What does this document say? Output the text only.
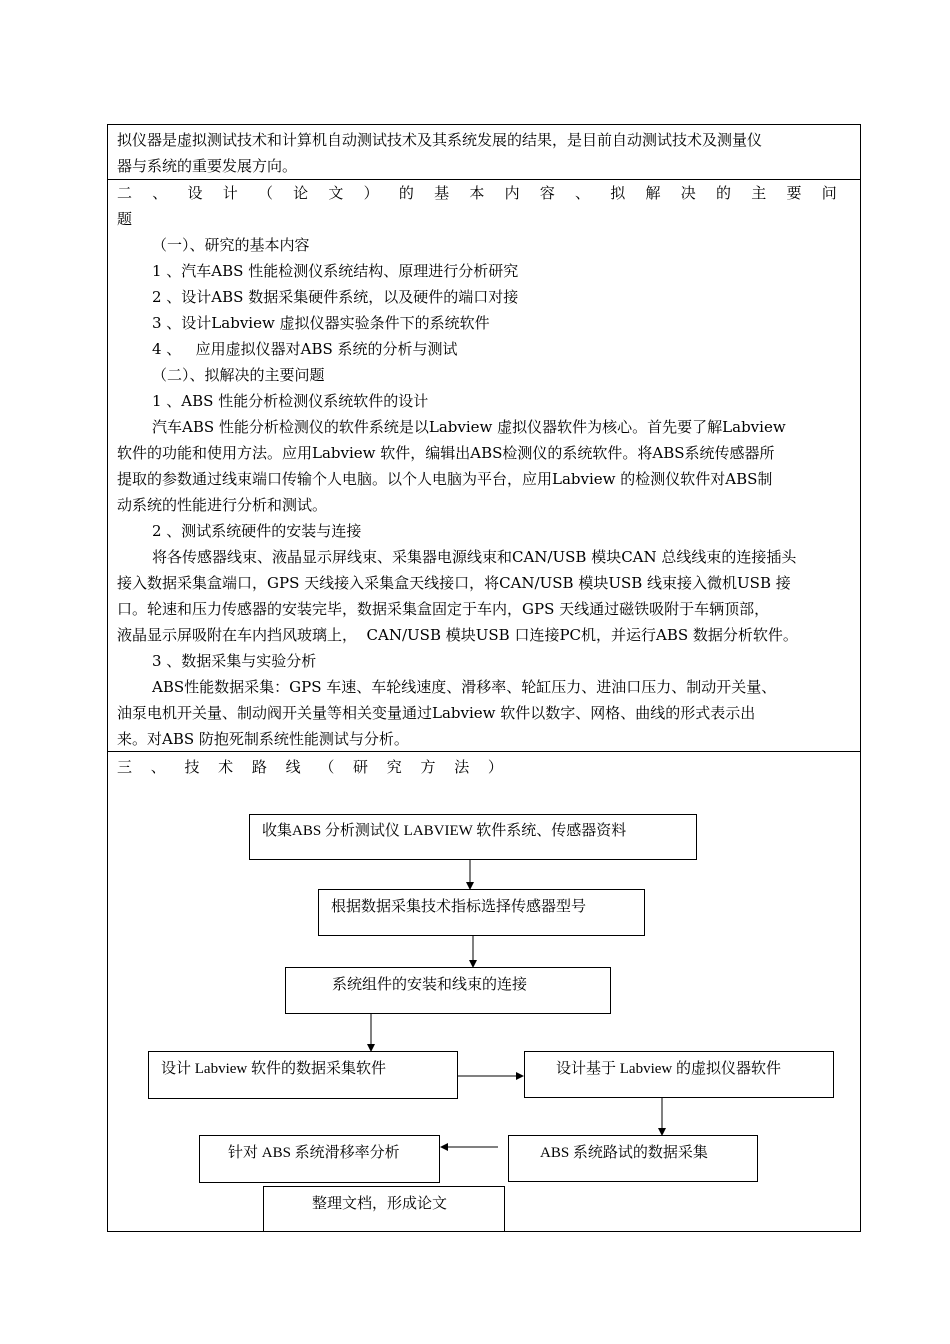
拟仪器是虚拟测试技术和计算机自动测试技术及其系统发展的结果，是目前自动测试技术及测量仪
器与系统的重要发展方向。
二 、 设 计 （ 论 文 ） 的 基 本 内 容 、 拟 解 决 的 主 要 问
题
（一）、研究的基本内容
1 、汽车ABS 性能检测仪系统结构、原理进行分析研究
2 、设计ABS 数据采集硬件系统，以及硬件的端口对接
3 、设计Labview 虚拟仪器实验条件下的系统软件
4 、   应用虚拟仪器对ABS 系统的分析与测试
（二）、拟解决的主要问题
1 、ABS 性能分析检测仪系统软件的设计
汽车ABS 性能分析检测仪的软件系统是以Labview 虚拟仪器软件为核心。首先要了解Labview
软件的功能和使用方法。应用Labview 软件，编辑出ABS检测仪的系统软件。将ABS系统传感器所
提取的参数通过线束端口传输个人电脑。以个人电脑为平台，应用Labview 的检测仪软件对ABS制
动系统的性能进行分析和测试。
2 、测试系统硬件的安装与连接
将各传感器线束、液晶显示屏线束、采集器电源线束和CAN/USB 模块CAN 总线线束的连接插头
接入数据采集盒端口，GPS 天线接入采集盒天线接口，将CAN/USB 模块USB 线束接入微机USB 接
口。轮速和压力传感器的安装完毕，数据采集盒固定于车内，GPS 天线通过磁铁吸附于车辆顶部，
液晶显示屏吸附在车内挡风玻璃上，  CAN/USB 模块USB 口连接PC机，并运行ABS 数据分析软件。
3 、数据采集与实验分析
ABS性能数据采集：GPS 车速、车轮线速度、滑移率、轮缸压力、进油口压力、制动开关量、
油泵电机开关量、制动阀开关量等相关变量通过Labview 软件以数字、网格、曲线的形式表示出
来。对ABS 防抱死制系统性能测试与分析。
三 、 技 术 路 线 （ 研 究 方 法 ）
收集ABS 分析测试仪 LABVIEW 软件系统、传感器资料
根据数据采集技术指标选择传感器型号
系统组件的安装和线束的连接
设计 Labview 软件的数据采集软件	设计基于 Labview 的虚拟仪器软件
ABS 系统路试的数据采集
针对 ABS 系统滑移率分析
整理文档，形成论文
